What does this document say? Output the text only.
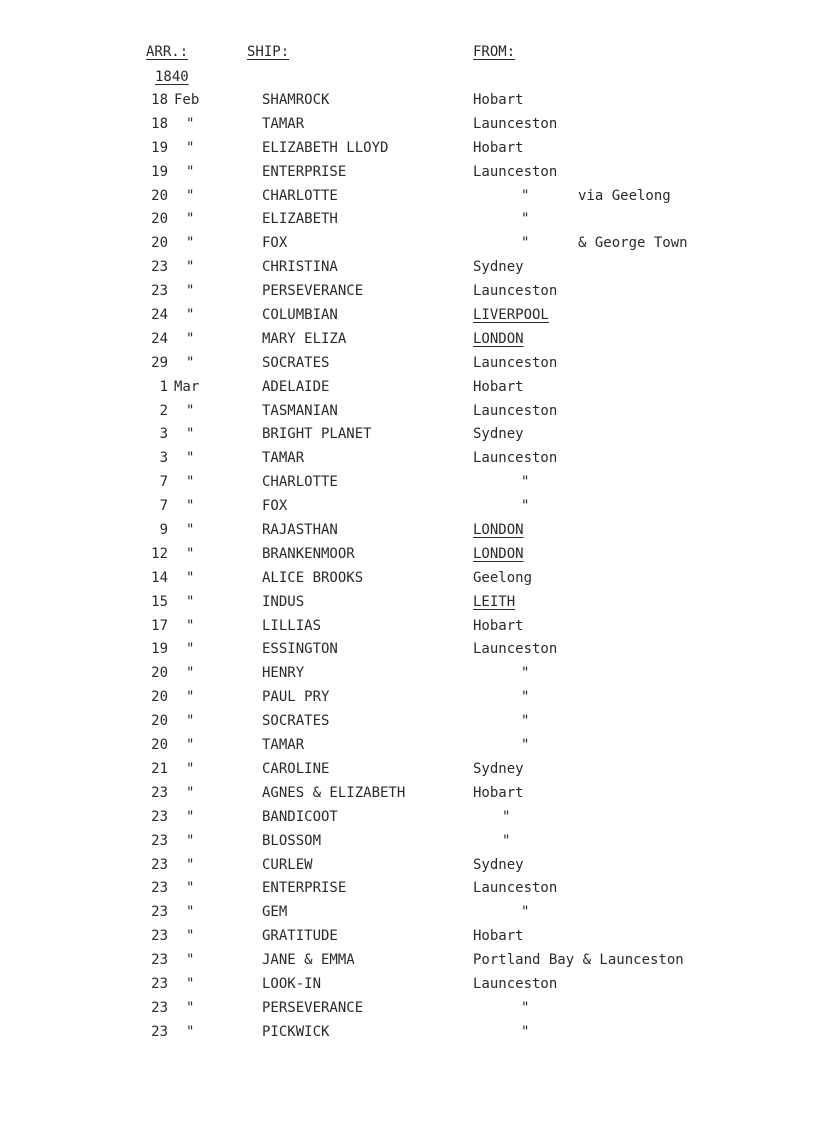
ARR.:	SHIP:	FROM:
1840
18 Feb	SHAMROCK	Hobart
18 "	TAMAR	Launceston
19 "	ELIZABETH LLOYD	Hobart
19 "	ENTERPRISE	Launceston
20 "	CHARLOTTE	"	via Geelong
20 "	ELIZABETH	"
20 "	FOX	"	& George Town
23 "	CHRISTINA	Sydney
23 "	PERSEVERANCE	Launceston
24 "	COLUMBIAN	LIVERPOOL
24 "	MARY ELIZA	LONDON
29 "	SOCRATES	Launceston
1 Mar	ADELAIDE	Hobart
2 "	TASMANIAN	Launceston
3 "	BRIGHT PLANET	Sydney
3 "	TAMAR	Launceston
7 "	CHARLOTTE	"
7 "	FOX	"
9 "	RAJASTHAN	LONDON
12 "	BRANKENMOOR	LONDON
14 "	ALICE BROOKS	Geelong
15 "	INDUS	LEITH
17 "	LILLIAS	Hobart
19 "	ESSINGTON	Launceston
20 "	HENRY	"
20 "	PAUL PRY	"
20 "	SOCRATES	"
20 "	TAMAR	"
21 "	CAROLINE	Sydney
23 "	AGNES & ELIZABETH	Hobart
23 "	BANDICOOT	"
23 "	BLOSSOM	"
23 "	CURLEW	Sydney
23 "	ENTERPRISE	Launceston
23 "	GEM	"
23 "	GRATITUDE	Hobart
23 "	JANE & EMMA	Portland Bay & Launceston
23 "	LOOK-IN	Launceston
23 "	PERSEVERANCE	"
23 "	PICKWICK	"
